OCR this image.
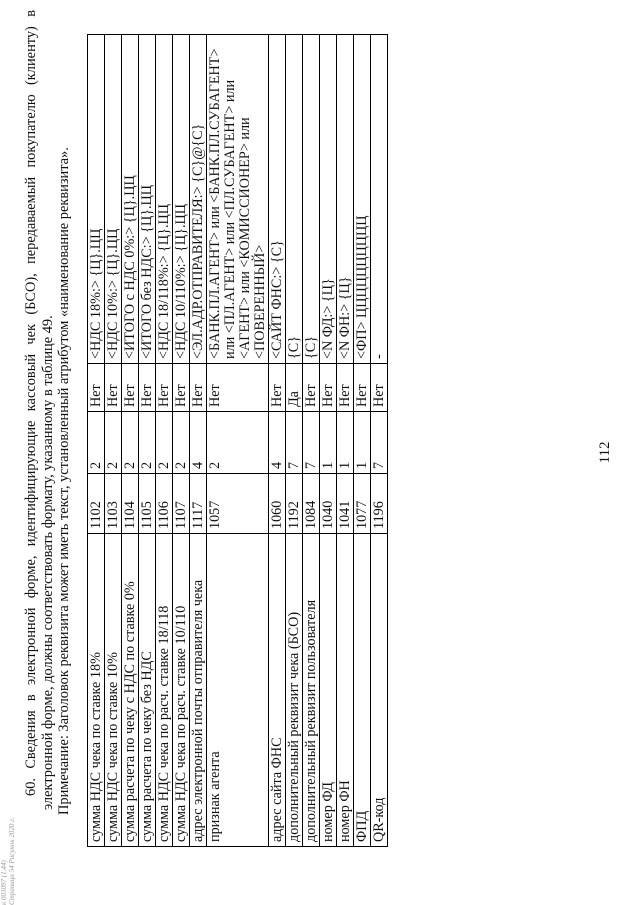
к 003097 (1.44) Страница 54 Рисунок 2020 г.
60. Сведения в электронной форме, идентифицирующие кассовый чек (БСО), передаваемый покупателю (клиенту) в электронной форме, должны соответствовать формату, указанному в таблице 49. Примечание: Заголовок реквизита может иметь текст, установленный атрибутом «наименование реквизита». сумма НДС чека по ставке 18%	1102	2	Нет	<НДС 18%:> {Ц}.ЦЦ
сумма НДС чека по ставке 10%	1103	2	Нет	<НДС 10%:> {Ц}.ЦЦ
сумма расчета по чеку с НДС по ставке 0%	1104	2	Нет	<ИТОГО с НДС 0%:> {Ц}.ЦЦ
сумма расчета по чеку без НДС	1105	2	Нет	<ИТОГО без НДС:> {Ц}.ЦЦ
сумма НДС чека по расч. ставке 18/118	1106	2	Нет	<НДС 18/118%:> {Ц}.ЦЦ
сумма НДС чека по расч. ставке 10/110	1107	2	Нет	<НДС 10/110%:> {Ц}.ЦЦ
адрес электронной почты отправителя чека	1117	4	Нет	<ЭЛ.АДР.ОТПРАВИТЕЛЯ:> {С}@{С}
признак агента	1057	2	Нет	<БАНК.ПЛ.АГЕНТ> или <БАНК.ПЛ.СУБАГЕНТ> или <ПЛ.АГЕНТ> или <ПЛ.СУБАГЕНТ> или <АГЕНТ> или <КОМИССИОНЕР> или <ПОВЕРЕННЫЙ>
адрес сайта ФНС	1060	4	Нет	<САЙТ ФНС:> {С}
дополнительный реквизит чека (БСО)	1192	7	Да	{С}
дополнительный реквизит пользователя	1084	7	Нет	{С}
номер ФД	1040	1	Нет	<N ФД:> {Ц}
номер ФН	1041	1	Нет	<N ФН:> {Ц}
ФПД	1077	1	Нет	<ФП> ЦЦЦЦЦЦЦЦЦЦ
QR-код	1196	7	Нет	-
112
